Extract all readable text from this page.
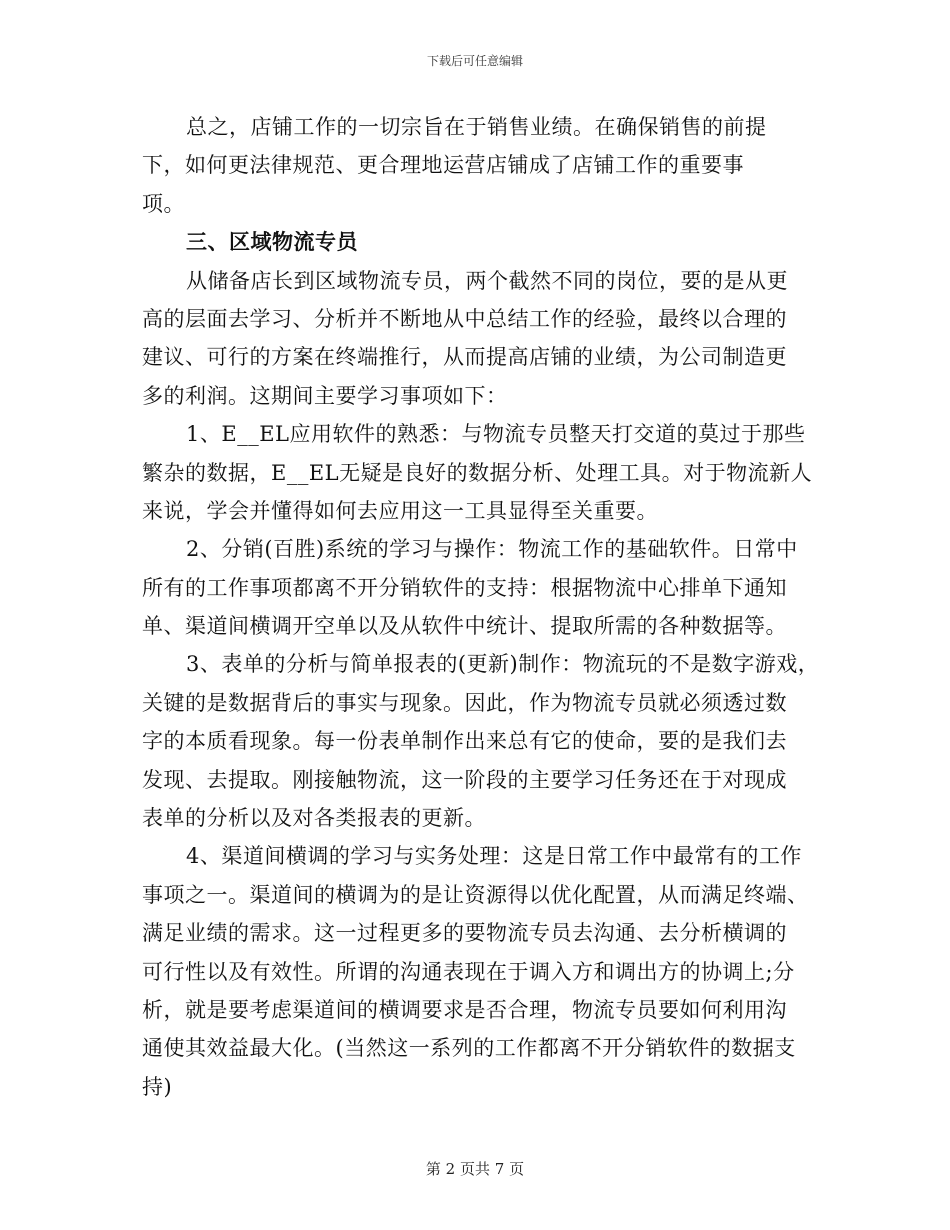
下载后可任意编辑
总之，店铺工作的一切宗旨在于销售业绩。在确保销售的前提
下，如何更法律规范、更合理地运营店铺成了店铺工作的重要事
项。
三、区域物流专员
从储备店长到区域物流专员，两个截然不同的岗位，要的是从更
高的层面去学习、分析并不断地从中总结工作的经验，最终以合理的
建议、可行的方案在终端推行，从而提高店铺的业绩，为公司制造更
多的利润。这期间主要学习事项如下：
1、E__EL应用软件的熟悉：与物流专员整天打交道的莫过于那些
繁杂的数据，E__EL无疑是良好的数据分析、处理工具。对于物流新人
来说，学会并懂得如何去应用这一工具显得至关重要。
2、分销(百胜)系统的学习与操作：物流工作的基础软件。日常中
所有的工作事项都离不开分销软件的支持：根据物流中心排单下通知
单、渠道间横调开空单以及从软件中统计、提取所需的各种数据等。
3、表单的分析与简单报表的(更新)制作：物流玩的不是数字游戏，
关键的是数据背后的事实与现象。因此，作为物流专员就必须透过数
字的本质看现象。每一份表单制作出来总有它的使命，要的是我们去
发现、去提取。刚接触物流，这一阶段的主要学习任务还在于对现成
表单的分析以及对各类报表的更新。
4、渠道间横调的学习与实务处理：这是日常工作中最常有的工作
事项之一。渠道间的横调为的是让资源得以优化配置，从而满足终端、
满足业绩的需求。这一过程更多的要物流专员去沟通、去分析横调的
可行性以及有效性。所谓的沟通表现在于调入方和调出方的协调上;分
析，就是要考虑渠道间的横调要求是否合理，物流专员要如何利用沟
通使其效益最大化。(当然这一系列的工作都离不开分销软件的数据支
持)
第 2 页共 7 页
